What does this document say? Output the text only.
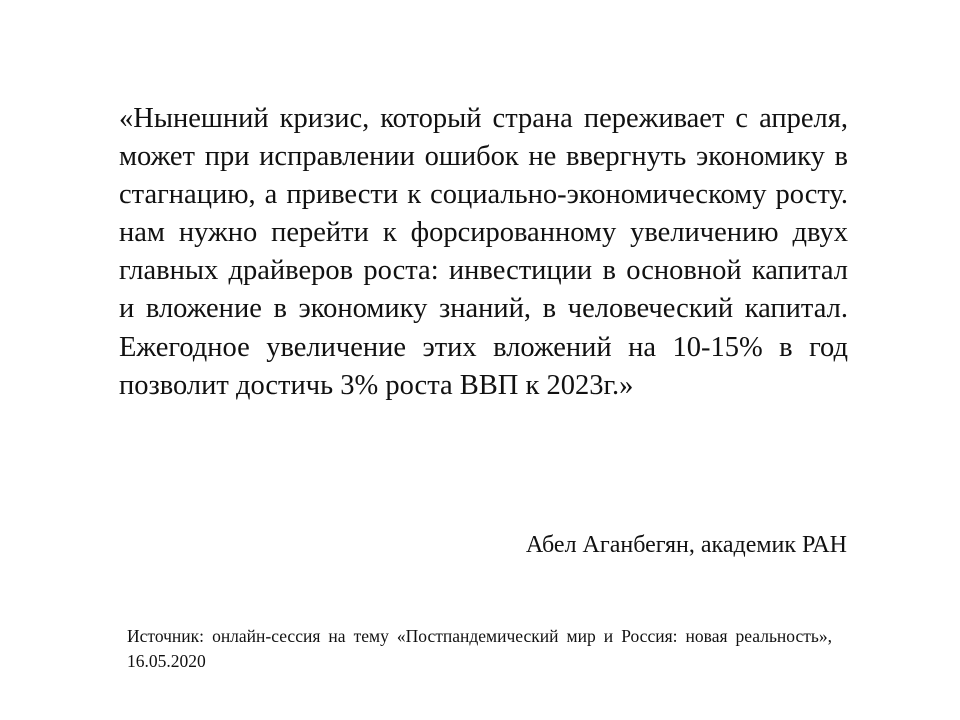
«Нынешний кризис, который страна переживает с апреля, может при исправлении ошибок не ввергнуть экономику в стагнацию, а привести к социально-экономическому росту. нам нужно перейти к форсированному увеличению двух главных драйверов роста: инвестиции в основной капитал и вложение в экономику знаний, в человеческий капитал. Ежегодное увеличение этих вложений на 10-15% в год позволит достичь 3% роста ВВП к 2023г.»

Абел Аганбегян, академик РАН

Источник: онлайн-сессия на тему «Постпандемический мир и Россия: новая реальность», 16.05.2020
